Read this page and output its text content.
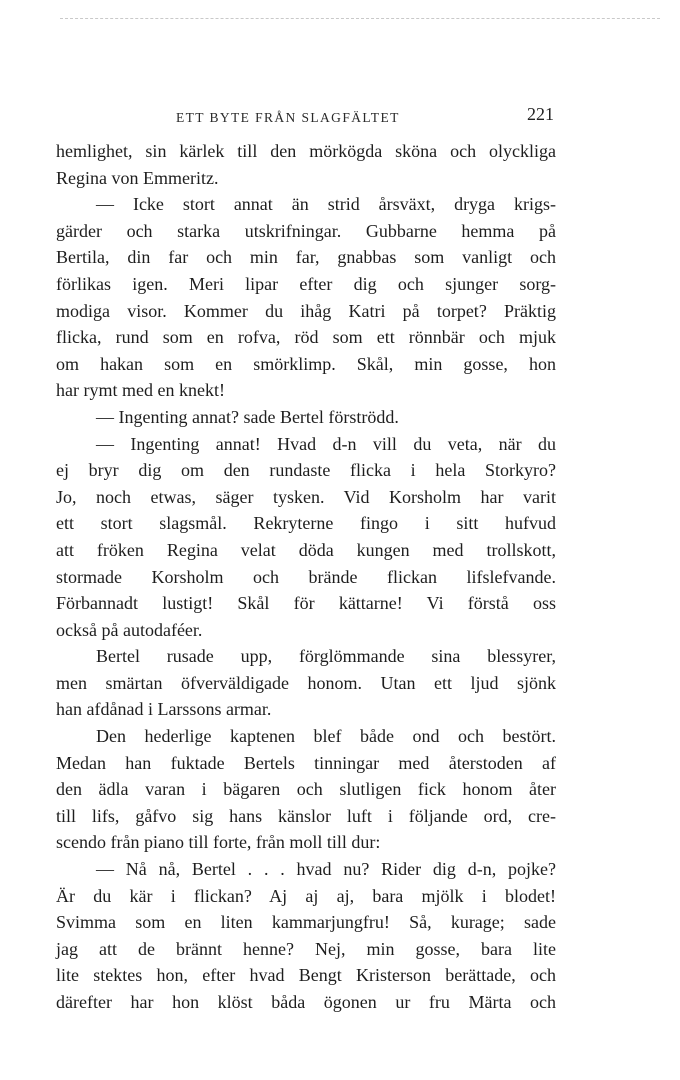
ETT BYTE FRÅN SLAGFÄLTET	221
hemlighet, sin kärlek till den mörkögda sköna och olyckliga
Regina von Emmeritz.
— Icke stort annat än strid årsväxt, dryga krigs-
gärder och starka utskrifningar. Gubbarne hemma på
Bertila, din far och min far, gnabbas som vanligt och
förlikas igen. Meri lipar efter dig och sjunger sorg-
modiga visor. Kommer du ihåg Katri på torpet? Präktig
flicka, rund som en rofva, röd som ett rönnbär och mjuk
om hakan som en smörklimp. Skål, min gosse, hon
har rymt med en knekt!
— Ingenting annat? sade Bertel förströdd.
— Ingenting annat! Hvad d-n vill du veta, när du
ej bryr dig om den rundaste flicka i hela Storkyro?
Jo, noch etwas, säger tysken. Vid Korsholm har varit
ett stort slagsmål. Rekryterne fingo i sitt hufvud
att fröken Regina velat döda kungen med trollskott,
stormade Korsholm och brände flickan lifslefvande.
Förbannadt lustigt! Skål för kättarne! Vi förstå oss
också på autodaféer.
Bertel rusade upp, förglömmande sina blessyrer,
men smärtan öfverväldigade honom. Utan ett ljud sjönk
han afdånad i Larssons armar.
Den hederlige kaptenen blef både ond och bestört.
Medan han fuktade Bertels tinningar med återstoden af
den ädla varan i bägaren och slutligen fick honom åter
till lifs, gåfvo sig hans känslor luft i följande ord, cre-
scendo från piano till forte, från moll till dur:
— Nå nå, Bertel . . . hvad nu? Rider dig d-n, pojke?
Är du kär i flickan? Aj aj aj, bara mjölk i blodet!
Svimma som en liten kammarjungfru! Så, kurage; sade
jag att de brännt henne? Nej, min gosse, bara lite
lite stektes hon, efter hvad Bengt Kristerson berättade, och
därefter har hon klöst båda ögonen ur fru Märta och
